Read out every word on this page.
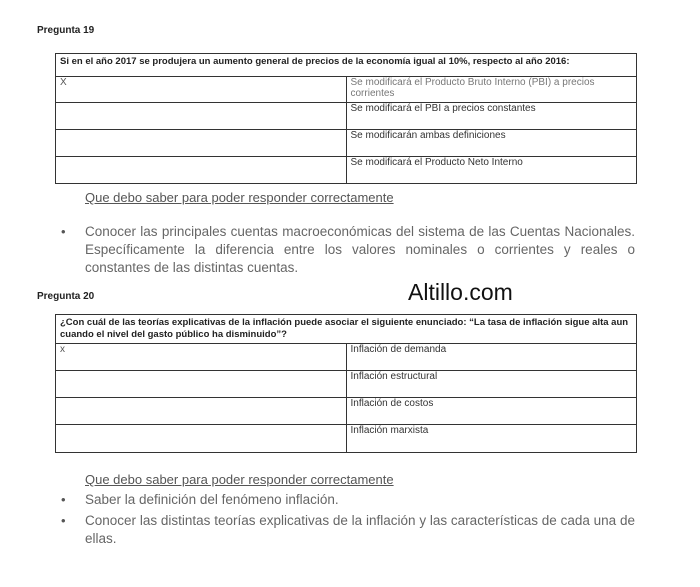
Pregunta 19
Si en el año 2017 se produjera un aumento general de precios de la economía igual al 10%, respecto al año 2016:	
X	Se modificará el Producto Bruto Interno (PBI) a precios corrientes
	Se modificará el PBI a precios constantes
	Se modificarán ambas definiciones
	Se modificará el Producto Neto Interno
Que debo saber para poder responder correctamente
• Conocer las principales cuentas macroeconómicas del sistema de las Cuentas Nacionales. Específicamente la diferencia entre los valores nominales o corrientes y reales o constantes de las distintas cuentas.
Altillo.com
Pregunta 20
¿Con cuál de las teorías explicativas de la inflación puede asociar el siguiente enunciado: “La tasa de inflación sigue alta aun cuando el nivel del gasto público ha disminuido”?	
x	Inflación de demanda
	Inflación estructural
	Inflación de costos
	Inflación marxista
Que debo saber para poder responder correctamente
• Saber la definición del fenómeno inflación.
• Conocer las distintas teorías explicativas de la inflación y las características de cada una de ellas.
